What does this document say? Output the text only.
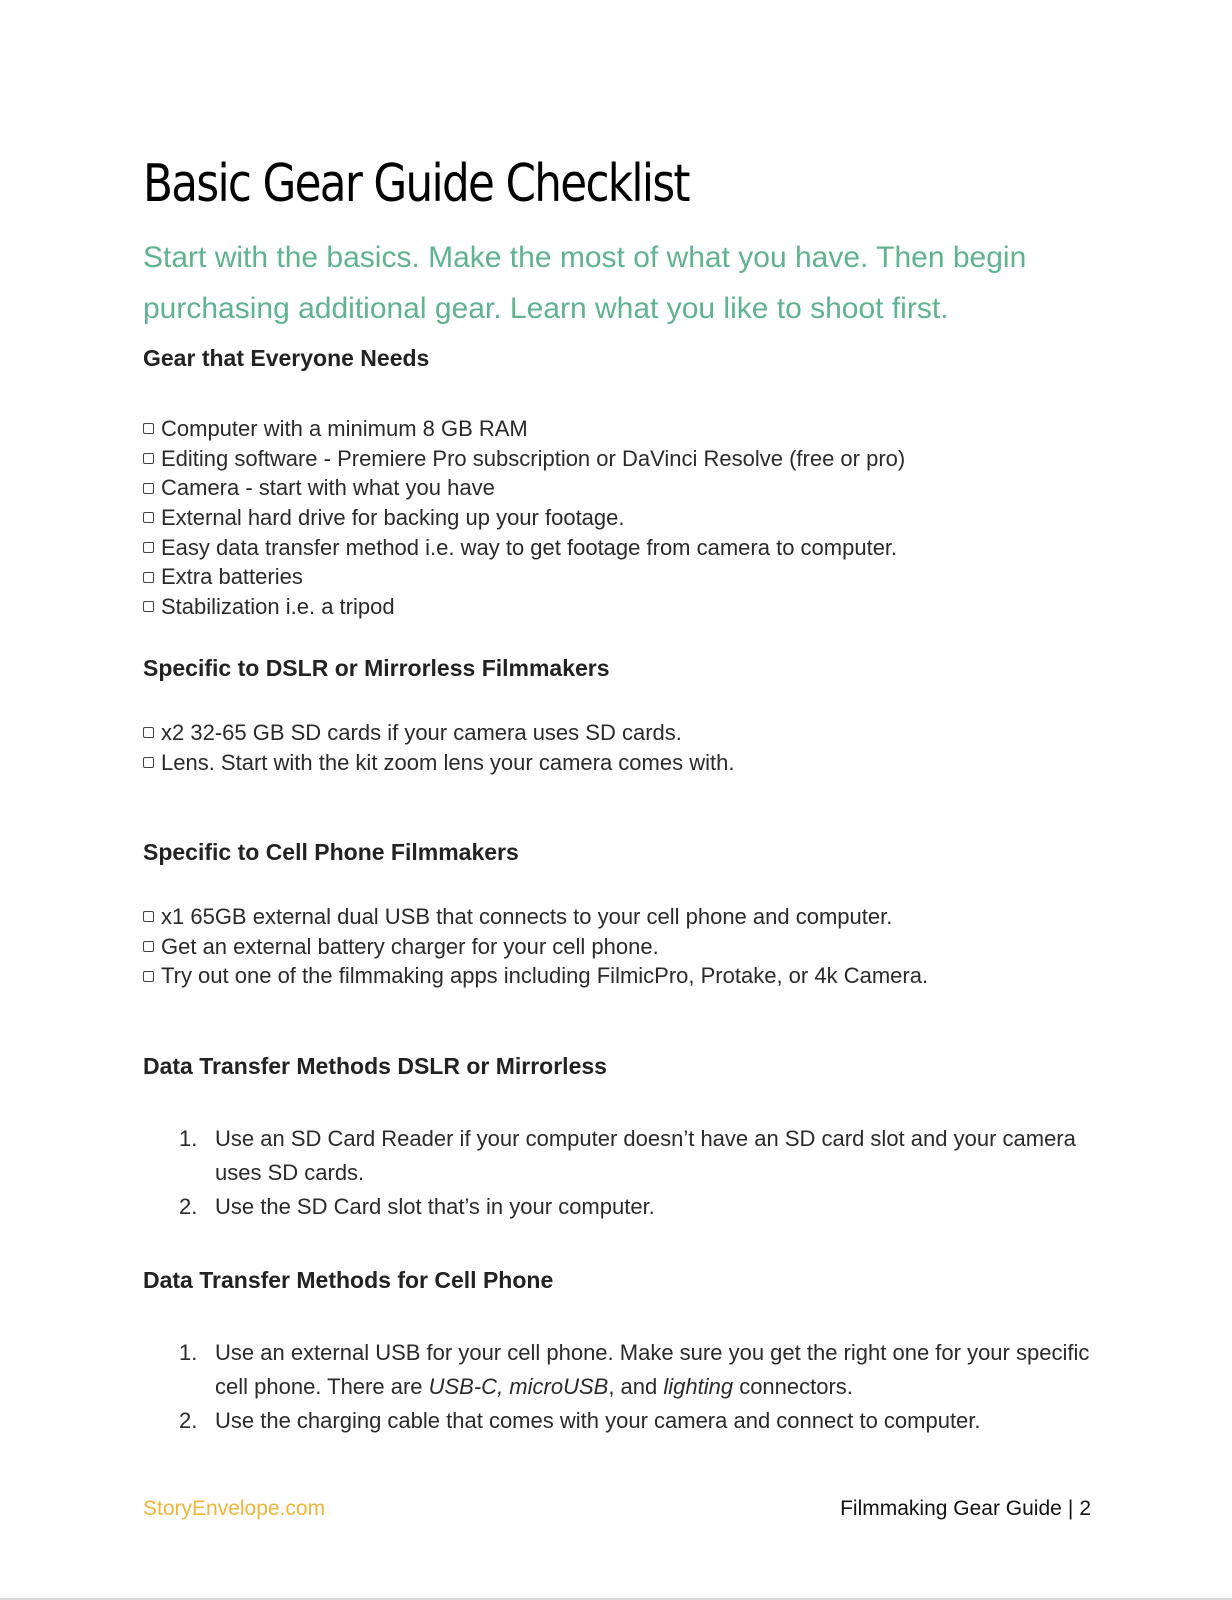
Basic Gear Guide Checklist

Start with the basics. Make the most of what you have. Then begin purchasing additional gear. Learn what you like to shoot first.

Gear that Everyone Needs
Computer with a minimum 8 GB RAM
Editing software - Premiere Pro subscription or DaVinci Resolve (free or pro)
Camera - start with what you have
External hard drive for backing up your footage.
Easy data transfer method i.e. way to get footage from camera to computer.
Extra batteries
Stabilization i.e. a tripod
Specific to DSLR or Mirrorless Filmmakers
x2 32-65 GB SD cards if your camera uses SD cards.
Lens. Start with the kit zoom lens your camera comes with.
Specific to Cell Phone Filmmakers
x1 65GB external dual USB that connects to your cell phone and computer.
Get an external battery charger for your cell phone.
Try out one of the filmmaking apps including FilmicPro, Protake, or 4k Camera.
Data Transfer Methods DSLR or Mirrorless
1. Use an SD Card Reader if your computer doesn’t have an SD card slot and your camera uses SD cards.
2. Use the SD Card slot that’s in your computer.
Data Transfer Methods for Cell Phone
1. Use an external USB for your cell phone. Make sure you get the right one for your specific cell phone. There are USB-C, microUSB, and lighting connectors.
2. Use the charging cable that comes with your camera and connect to computer.
StoryEnvelope.com	Filmmaking Gear Guide | 2
